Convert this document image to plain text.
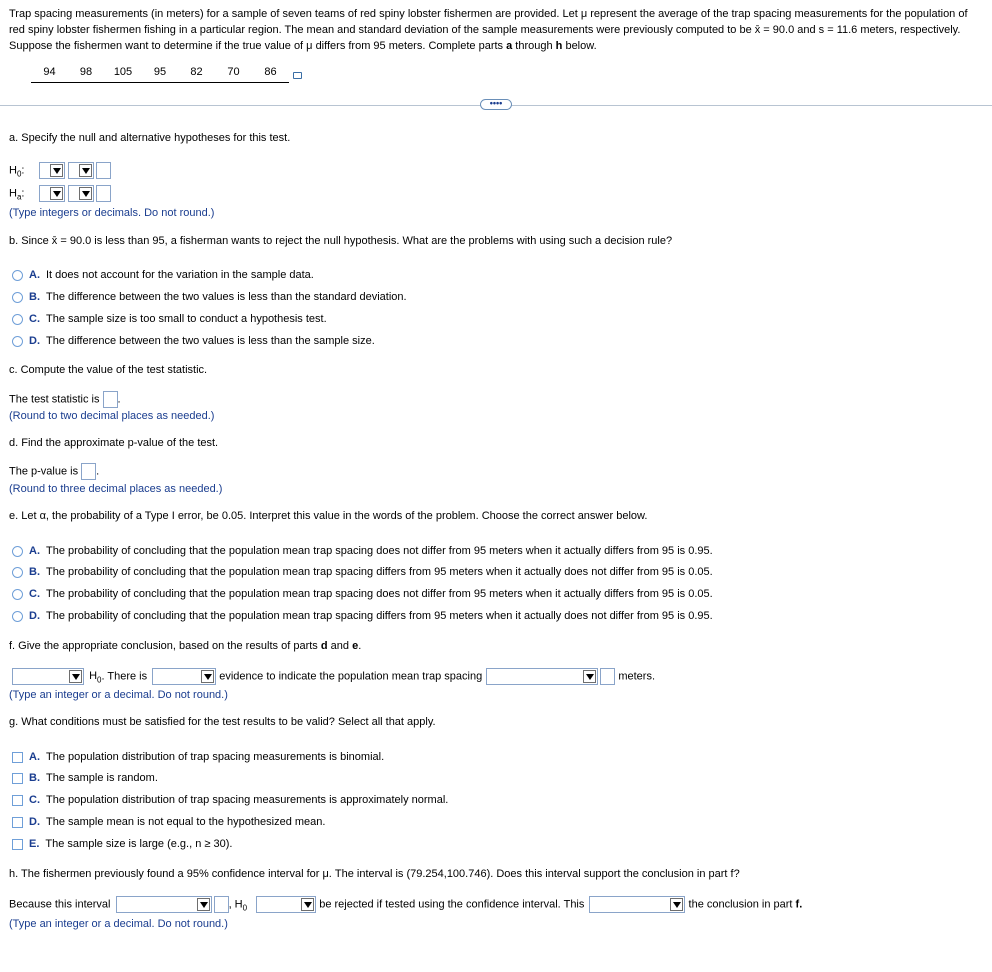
Trap spacing measurements (in meters) for a sample of seven teams of red spiny lobster fishermen are provided. Let μ represent the average of the trap spacing measurements for the population of red spiny lobster fishermen fishing in a particular region. The mean and standard deviation of the sample measurements were previously computed to be x̄ = 90.0 and s = 11.6 meters, respectively. Suppose the fishermen want to determine if the true value of μ differs from 95 meters. Complete parts a through h below.
94 98 105 95 82 70 86
••••
a. Specify the null and alternative hypotheses for this test.
$H_0$:
$H_a$:
(Type integers or decimals. Do not round.)
b. Since x̄ = 90.0 is less than 95, a fisherman wants to reject the null hypothesis. What are the problems with using such a decision rule?
A. It does not account for the variation in the sample data.
B. The difference between the two values is less than the standard deviation.
C. The sample size is too small to conduct a hypothesis test.
D. The difference between the two values is less than the sample size.
c. Compute the value of the test statistic.
The test statistic is .
(Round to two decimal places as needed.)
d. Find the approximate p-value of the test.
The p-value is .
(Round to three decimal places as needed.)
e. Let α, the probability of a Type I error, be 0.05. Interpret this value in the words of the problem. Choose the correct answer below.
A. The probability of concluding that the population mean trap spacing does not differ from 95 meters when it actually differs from 95 is 0.95.
B. The probability of concluding that the population mean trap spacing differs from 95 meters when it actually does not differ from 95 is 0.05.
C. The probability of concluding that the population mean trap spacing does not differ from 95 meters when it actually differs from 95 is 0.05.
D. The probability of concluding that the population mean trap spacing differs from 95 meters when it actually does not differ from 95 is 0.95.
f. Give the appropriate conclusion, based on the results of parts d and e.
$H_0$. There is	evidence to indicate the population mean trap spacing	meters.
(Type an integer or a decimal. Do not round.)
g. What conditions must be satisfied for the test results to be valid? Select all that apply.
A. The population distribution of trap spacing measurements is binomial.
B. The sample is random.
C. The population distribution of trap spacing measurements is approximately normal.
D. The sample mean is not equal to the hypothesized mean.
E. The sample size is large (e.g., n ≥ 30).
h. The fishermen previously found a 95% confidence interval for μ. The interval is (79.254,100.746). Does this interval support the conclusion in part f?
Because this interval	, $H_0$	be rejected if tested using the confidence interval. This	the conclusion in part f.
(Type an integer or a decimal. Do not round.)
